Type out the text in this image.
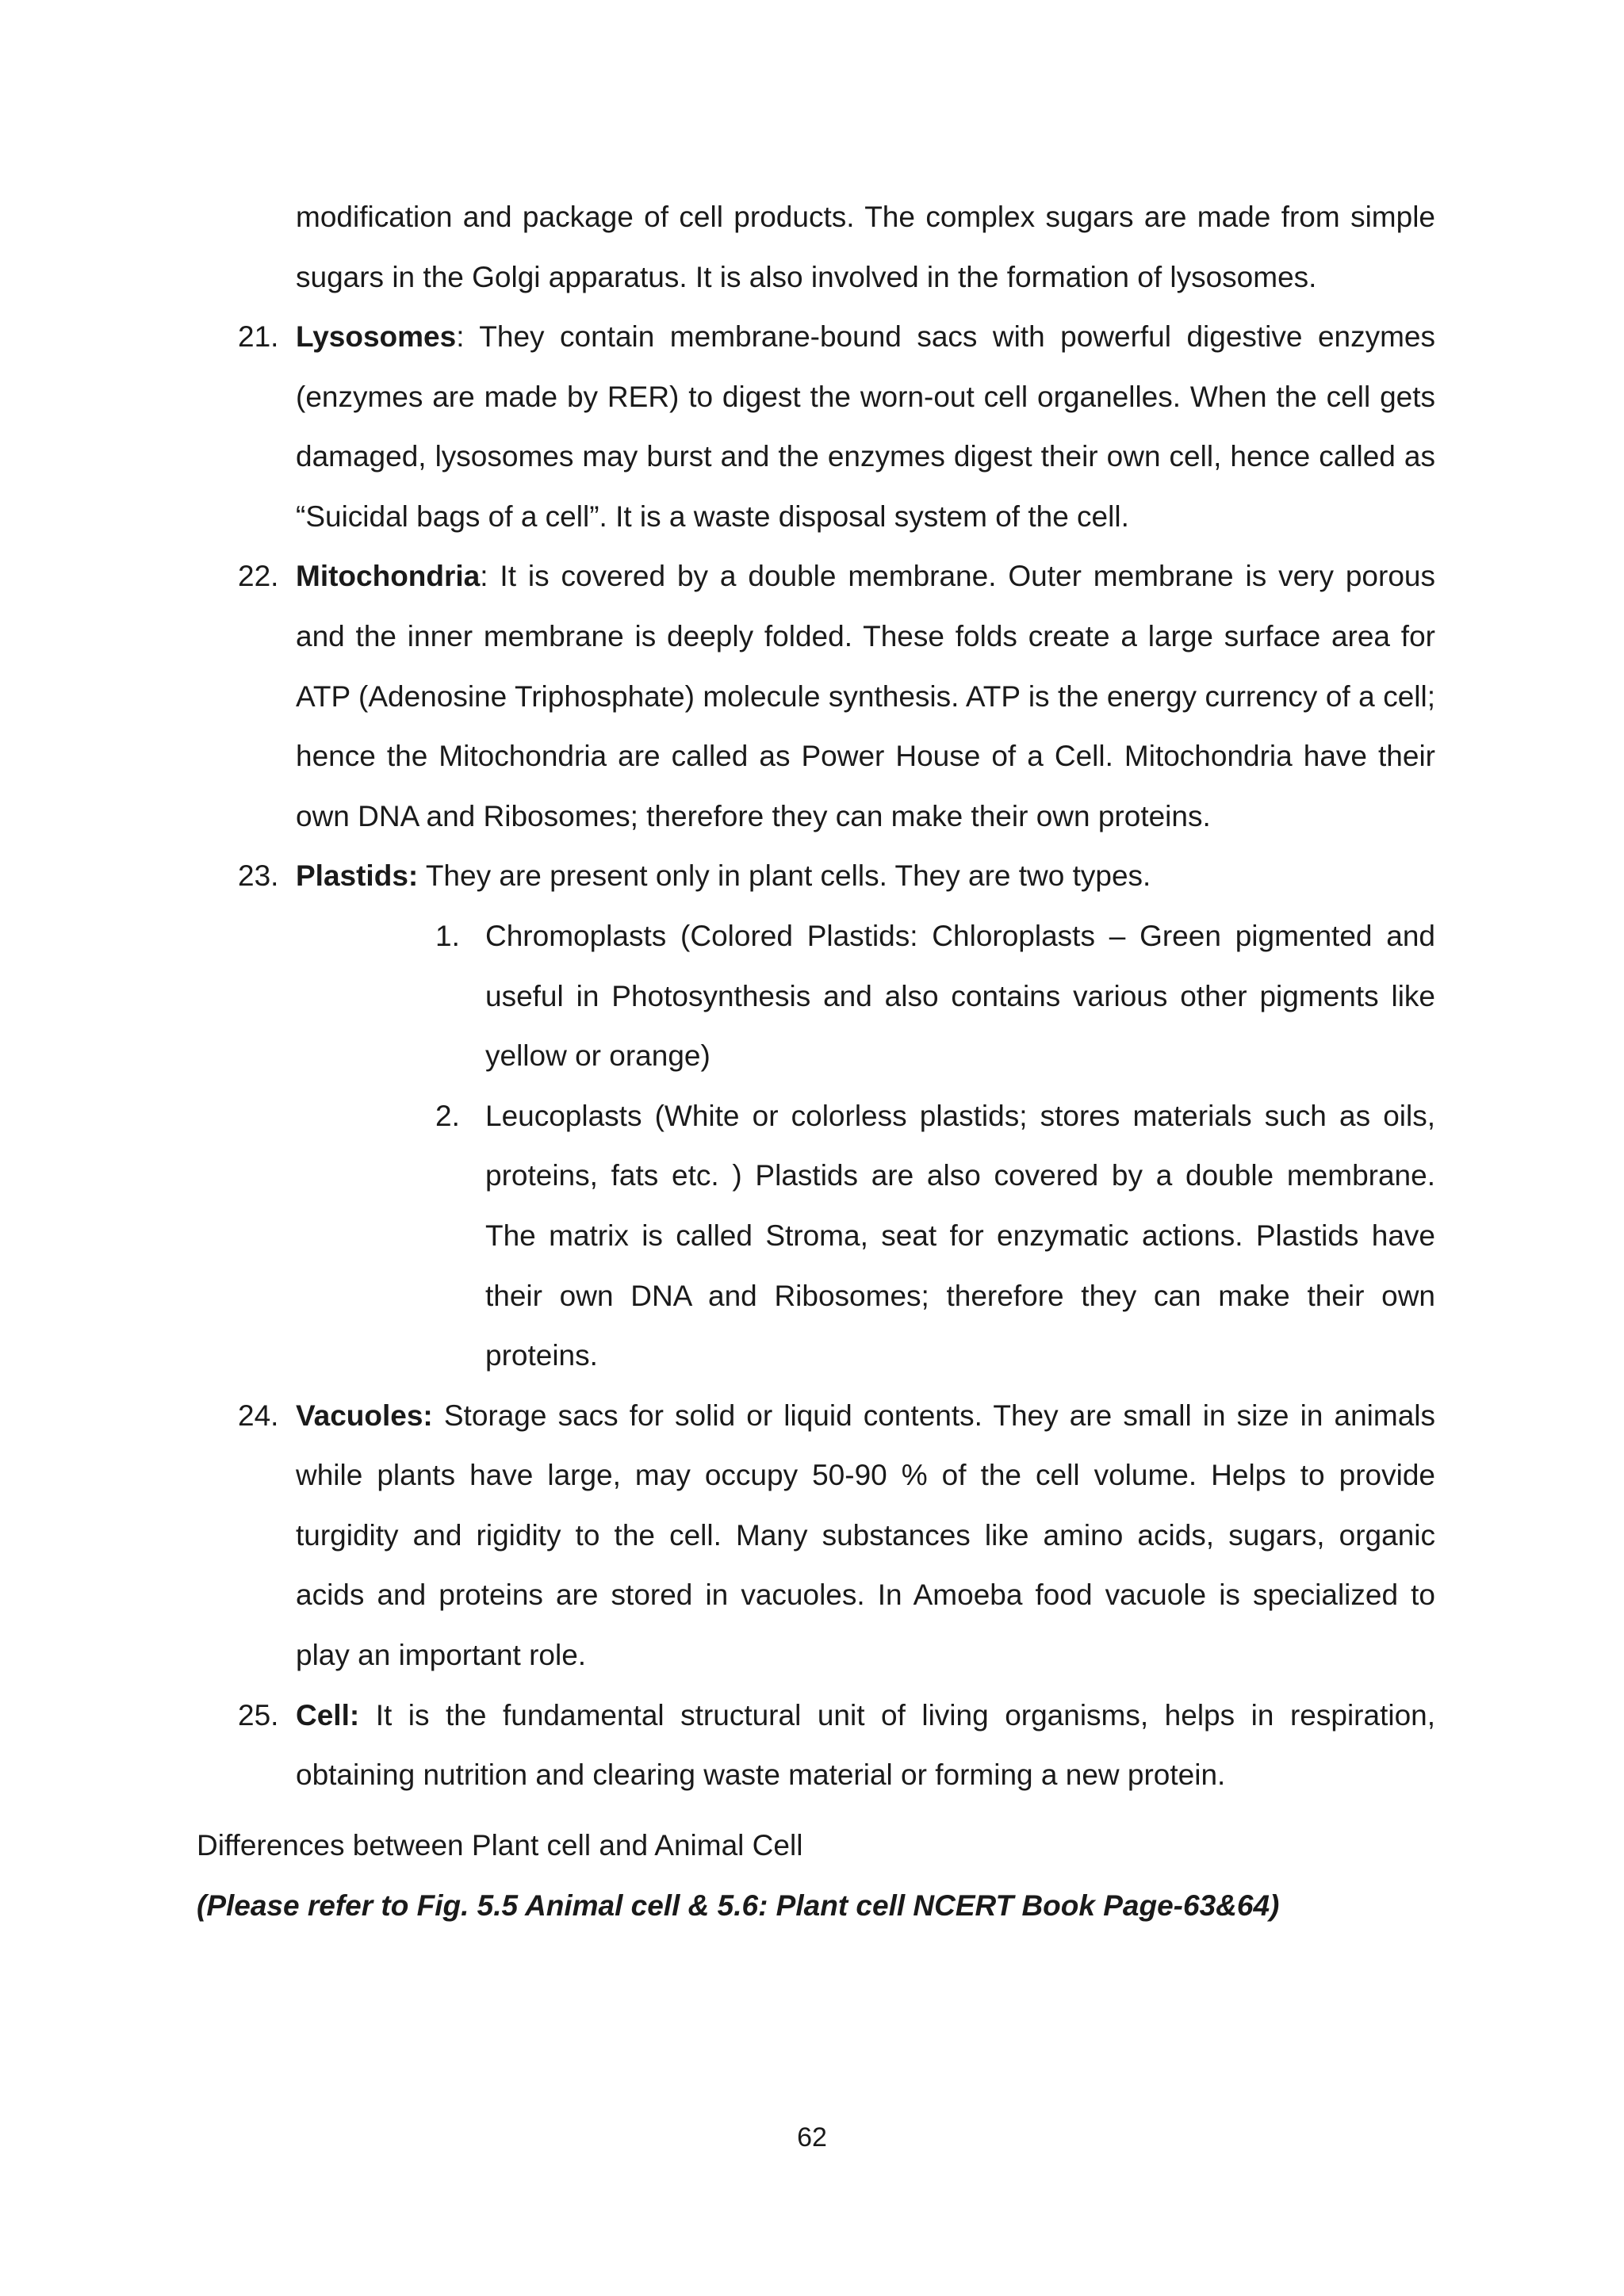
modification and package of cell products. The complex sugars are made from simple sugars in the Golgi apparatus. It is also involved in the formation of lysosomes.

21. Lysosomes: They contain membrane-bound sacs with powerful digestive enzymes (enzymes are made by RER) to digest the worn-out cell organelles. When the cell gets damaged, lysosomes may burst and the enzymes digest their own cell, hence called as “Suicidal bags of a cell”. It is a waste disposal system of the cell.
22. Mitochondria: It is covered by a double membrane. Outer membrane is very porous and the inner membrane is deeply folded. These folds create a large surface area for ATP (Adenosine Triphosphate) molecule synthesis. ATP is the energy currency of a cell; hence the Mitochondria are called as Power House of a Cell. Mitochondria have their own DNA and Ribosomes; therefore they can make their own proteins.
23. Plastids: They are present only in plant cells. They are two types.
1. Chromoplasts (Colored Plastids: Chloroplasts – Green pigmented and useful in Photosynthesis and also contains various other pigments like yellow or orange)
2. Leucoplasts (White or colorless plastids; stores materials such as oils, proteins, fats etc. ) Plastids are also covered by a double membrane. The matrix is called Stroma, seat for enzymatic actions. Plastids have their own DNA and Ribosomes; therefore they can make their own proteins.
24. Vacuoles: Storage sacs for solid or liquid contents. They are small in size in animals while plants have large, may occupy 50-90 % of the cell volume. Helps to provide turgidity and rigidity to the cell. Many substances like amino acids, sugars, organic acids and proteins are stored in vacuoles. In Amoeba food vacuole is specialized to play an important role.
25. Cell: It is the fundamental structural unit of living organisms, helps in respiration, obtaining nutrition and clearing waste material or forming a new protein.

Differences between Plant cell and Animal Cell

(Please refer to Fig. 5.5 Animal cell & 5.6: Plant cell NCERT Book Page-63&64)

62
